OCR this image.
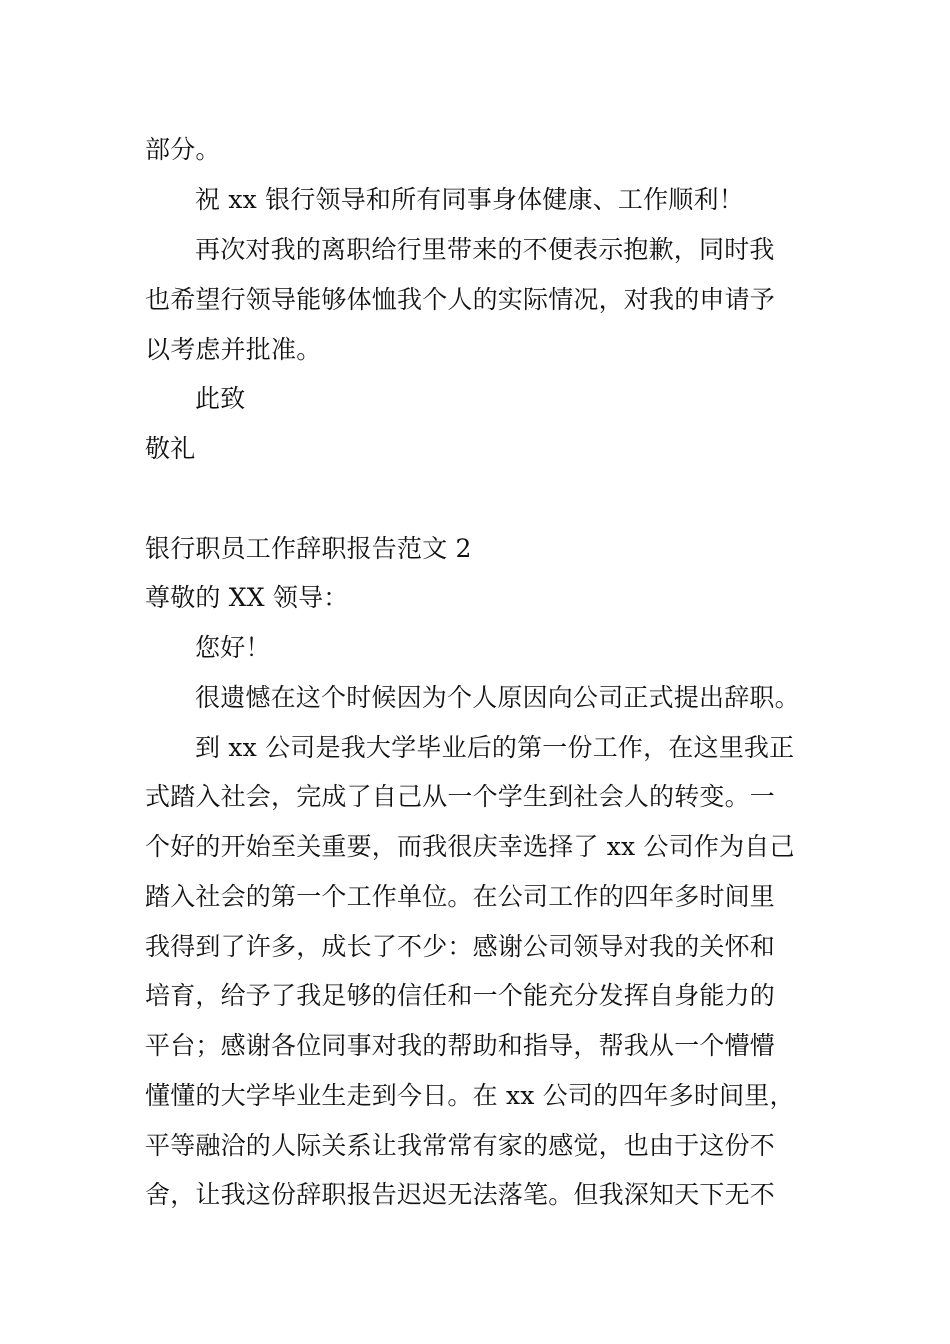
部分。
祝 xx 银行领导和所有同事身体健康、工作顺利！
再次对我的离职给行里带来的不便表示抱歉，同时我
也希望行领导能够体恤我个人的实际情况，对我的申请予
以考虑并批准。
此致
敬礼
银行职员工作辞职报告范文 2
尊敬的 XX 领导：
您好！
很遗憾在这个时候因为个人原因向公司正式提出辞职。
到 xx 公司是我大学毕业后的第一份工作，在这里我正
式踏入社会，完成了自己从一个学生到社会人的转变。一
个好的开始至关重要，而我很庆幸选择了 xx 公司作为自己
踏入社会的第一个工作单位。在公司工作的四年多时间里
我得到了许多，成长了不少：感谢公司领导对我的关怀和
培育，给予了我足够的信任和一个能充分发挥自身能力的
平台；感谢各位同事对我的帮助和指导，帮我从一个懵懵
懂懂的大学毕业生走到今日。在 xx 公司的四年多时间里，
平等融洽的人际关系让我常常有家的感觉，也由于这份不
舍，让我这份辞职报告迟迟无法落笔。但我深知天下无不
